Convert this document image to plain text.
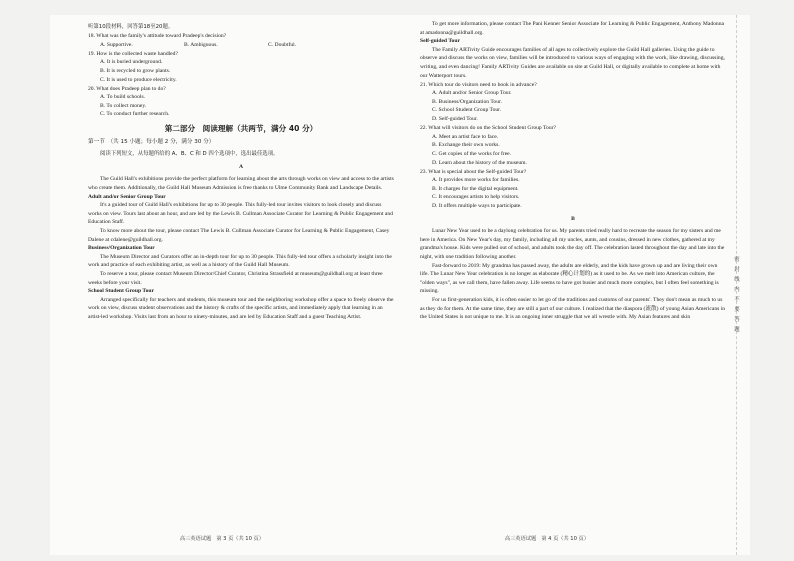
听第10段材料，回答第18至20题。

18. What was the family's attitude toward Pradeep's decision?

A. Supportive.	B. Ambiguous.	C. Doubtful.

19. How is the collected waste handled?

A. It is buried underground.

B. It is recycled to grow plants.

C. It is used to produce electricity.

20. What does Pradeep plan to do?

A. To build schools.

B. To collect money.

C. To conduct further research.

第二部分　阅读理解（共两节，满分 40 分）

第一节　（共 15 小题；每小题 2 分，满分 30 分）

阅读下列短文，从每题所给的 A、B、C 和 D 四个选项中，选出最佳选项。

A

The Guild Hall's exhibitions provide the perfect platform for learning about the arts through works on view and access to the artists who create them. Additionally, the Guild Hall Museum Admission is free thanks to Ulme Community Bank and Landscape Details.

Adult and/or Senior Group Tour

It's a guided tour of Guild Hall's exhibitions for up to 30 people. This fully-led tour invites visitors to look closely and discuss works on view. Tours last about an hour, and are led by the Lewis B. Cullman Associate Curator for Learning & Public Engagement and Education Staff.

To know more about the tour, please contact The Lewis B. Cullman Associate Curator for Learning & Public Engagement, Casey Dalene at cdalene@guildhall.org.

Business/Organization Tour

The Museum Director and Curators offer an in-depth tour for up to 30 people. This fully-led tour offers a scholarly insight into the work and practice of each exhibiting artist, as well as a history of the Guild Hall Museum.

To reserve a tour, please contact Museum Director/Chief Curator, Christina Strassfield at museum@guildhall.org at least three weeks before your visit.

School Student Group Tour

Arranged specifically for teachers and students, this museum tour and the neighboring workshop offer a space to freely observe the work on view, discuss student observations and the history & crafts of the specific artists, and immediately apply that learning in an artist-led workshop. Visits last from an hour to ninety-minutes, and are led by Education Staff and a guest Teaching Artist.

To get more information, please contact The Pani Kenner Senior Associate for Learning & Public Engagement, Anthony Madonna at amadonna@guildhall.org.

Self-guided Tour

The Family ARTivity Guide encourages families of all ages to collectively explore the Guild Hall galleries. Using the guide to observe and discuss the works on view, families will be introduced to various ways of engaging with the work, like drawing, discussing, writing, and even dancing! Family ARTivity Guides are available on site at Guild Hall, or digitally available to complete at home with our Watterport tours.

21. Which tour do visitors need to book in advance?

A. Adult and/or Senior Group Tour.

B. Business/Organization Tour.

C. School Student Group Tour.

D. Self-guided Tour.

22. What will visitors do on the School Student Group Tour?

A. Meet an artist face to face.

B. Exchange their own works.

C. Get copies of the works for free.

D. Learn about the history of the museum.

23. What is special about the Self-guided Tour?

A. It provides more works for families.

B. It charges for the digital equipment.

C. It encourages artists to help visitors.

D. It offers multiple ways to participate.

B

Lunar New Year used to be a daylong celebration for us. My parents tried really hard to recreate the season for my sisters and me here in America. On New Year's day, my family, including all my uncles, aunts, and cousins, dressed in new clothes, gathered at my grandma's house. Kids were pulled out of school, and adults took the day off. The celebration lasted throughout the day and late into the night, with one tradition following another.

Fast-forward to 2019: My grandma has passed away, the adults are elderly, and the kids have grown up and are living their own life. The Lunar New Year celebration is no longer as elaborate (精心计划的) as it used to be. As we melt into American culture, the "olden ways", as we call them, have fallen away. Life seems to have got busier and much more complex, but I often feel something is missing.

For us first-generation kids, it is often easier to let go of the traditions and customs of our parents'. They don't mean as much to us as they do for them. At the same time, they are still a part of our culture. I realized that the diaspora (流散) of young Asian Americans in the United States is not unique to me. It is an ongoing inner struggle that we all wrestle with. My Asian features and skin

密
封
线
内
不
要
答
题
高三英语试题　第 3 页（共 10 页）	高三英语试题　第 4 页（共 10 页）
